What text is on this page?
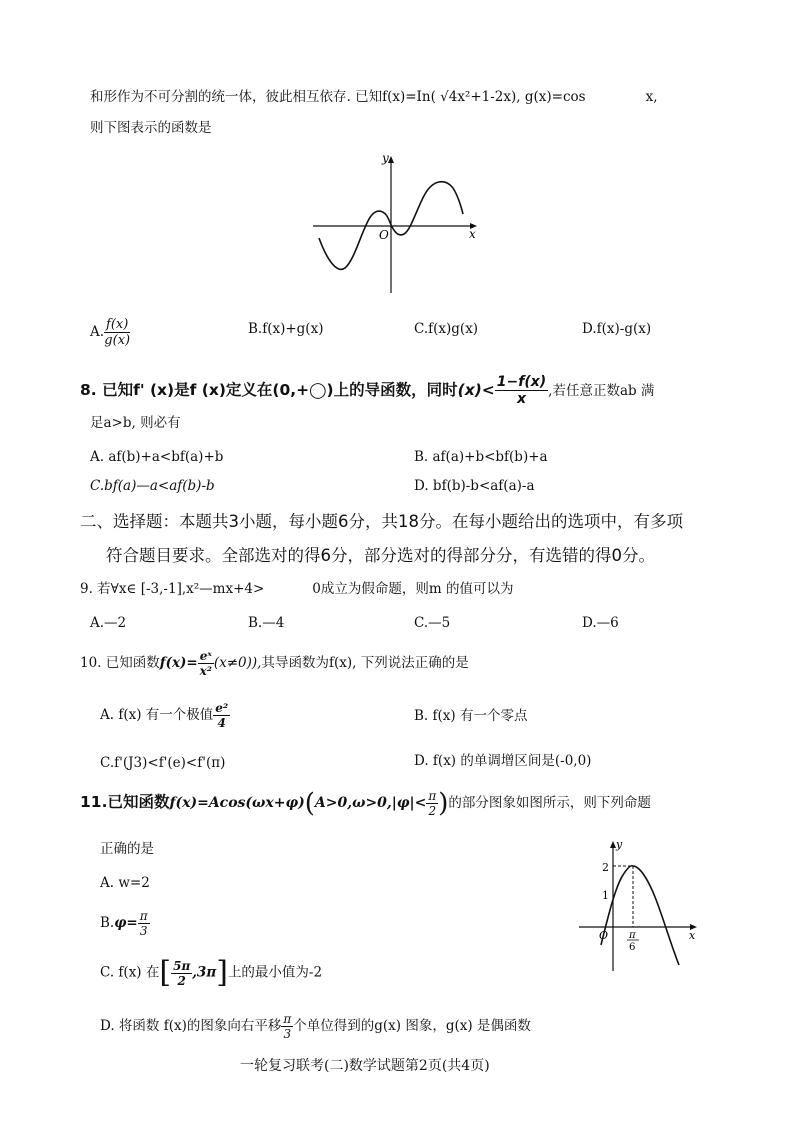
和形作为不可分割的统一体，彼此相互依存. 已知f(x)=In( √4x²+1-2x), g(x)=cos	x,
则下图表示的函数是
y
x
O
A. $\frac{f(x)}{g(x)}$	B.f(x)+g(x)	C.f(x)g(x)	D.f(x)-g(x)
8. 已知f' (x)是f (x)定义在(0,+◯)上的导函数，同时$(x)< \frac{1-f(x)}{x}$ ,若任意正数ab 满
足a>b, 则必有
A. af(b)+a<bf(a)+b	B. af(a)+b<bf(b)+a
C.bf(a)—a<af(b)-b	D. bf(b)-b<af(a)-a
二、选择题：本题共3小题，每小题6分，共18分。在每小题给出的选项中，有多项
符合题目要求。全部选对的得6分，部分选对的得部分分，有选错的得0分。
9. 若∀x∈ [-3,-1],x²—mx+4>	0成立为假命题，则m 的值可以为
A.—2	B.—4	C.—5	D.—6
10. 已知函数$f(x)= \frac{\text{eˣ}}{\text{x²}} (x\ne 0)$),其导函数为f(x), 下列说法正确的是
A. f(x) 有一个极值 $\frac{\text{e²}}{4}$	B. f(x) 有一个零点
C.f'(J3)<f'(e)<f'(π)	D. f(x) 的单调增区间是(-0,0)
11.已知函数$f(x)=Acos(\omega x+\varphi)(A>0,\omega>0,|\varphi|< \frac{\pi}{2}$ )的部分图象如图所示，则下列命题
正确的是
A. w=2
$B.\varphi= \frac{\pi}{3}$
C. f(x) 在[ $\frac{5\pi}{2} ,3\pi$]上的最小值为-2
D. 将函数 f(x)的图象向右平移 $\frac{\pi}{3}$ 个单位得到的g(x) 图象，g(x) 是偶函数
y
x
O
2
1
π
6
一轮复习联考(二)数学试题第2页(共4页)
